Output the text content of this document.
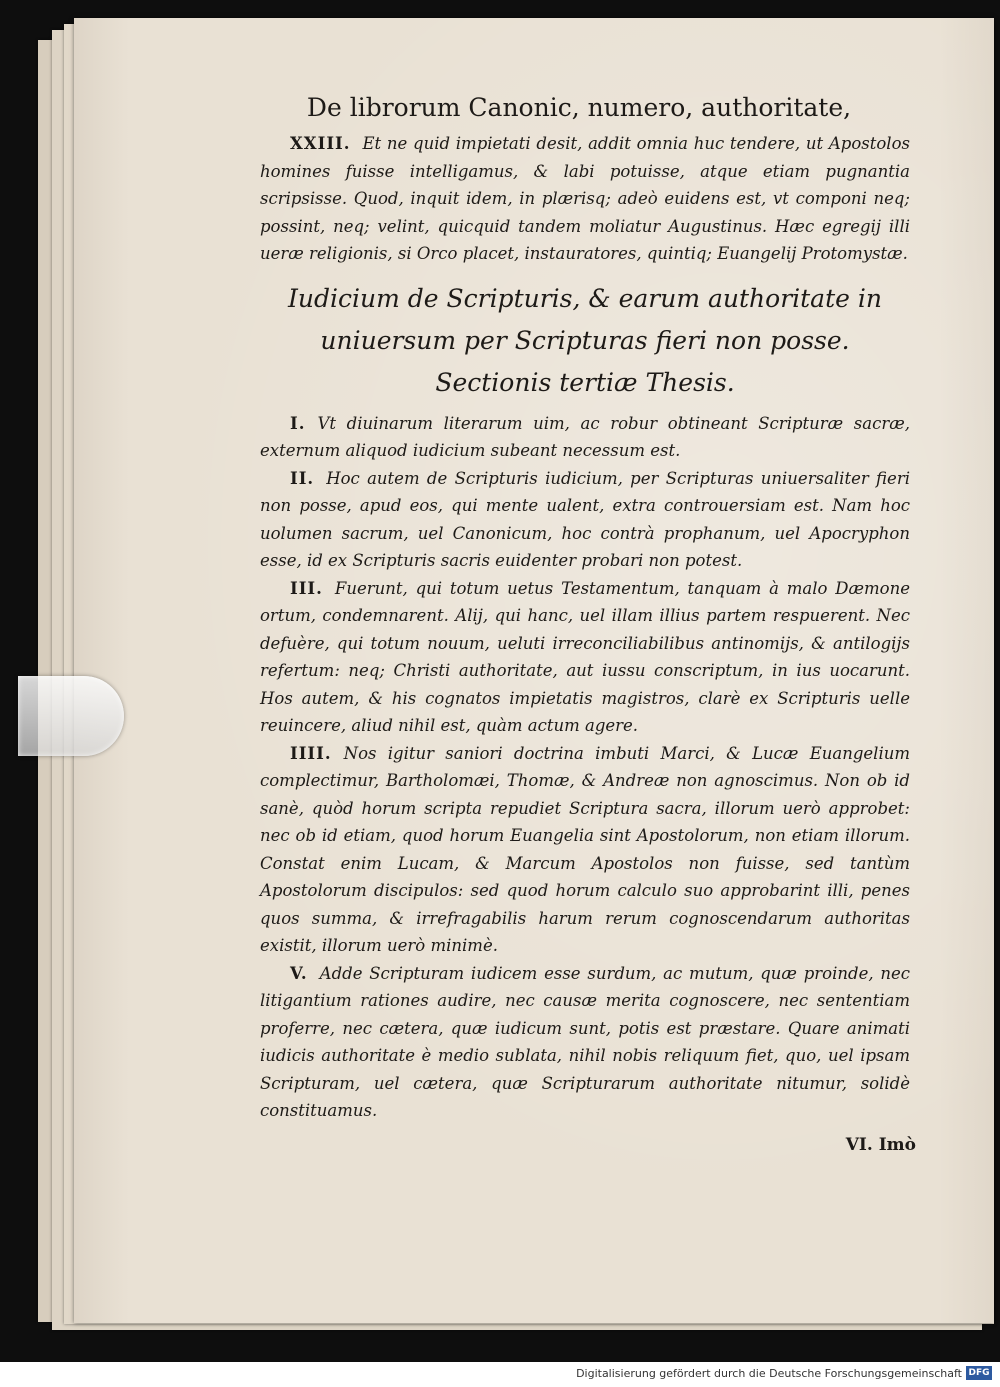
De librorum Canonic, numero, authoritate,

XXIII. Et ne quid impietati desit, addit omnia huc tendere, ut Apostolos homines fuisse intelligamus, & labi potuisse, atque etiam pugnantia scripsisse. Quod, inquit idem, in plærisq; adeò euidens est, vt componi neq; possint, neq; velint, quicquid tandem moliatur Augustinus. Hæc egregij illi ueræ religionis, si Orco placet, instauratores, quintiq; Euangelij Protomystæ.

Iudicium de Scripturis, & earum authoritate in uniuersum per Scripturas fieri non posse. Sectionis tertiæ Thesis.

I. Vt diuinarum literarum uim, ac robur obtineant Scripturæ sacræ, externum aliquod iudicium subeant necessum est.

II. Hoc autem de Scripturis iudicium, per Scripturas uniuersaliter fieri non posse, apud eos, qui mente ualent, extra controuersiam est. Nam hoc uolumen sacrum, uel Canonicum, hoc contrà prophanum, uel Apocryphon esse, id ex Scripturis sacris euidenter probari non potest.

III. Fuerunt, qui totum uetus Testamentum, tanquam à malo Dæmone ortum, condemnarent. Alij, qui hanc, uel illam illius partem respuerent. Nec defuère, qui totum nouum, ueluti irreconciliabilibus antinomijs, & antilogijs refertum: neq; Christi authoritate, aut iussu conscriptum, in ius uocarunt. Hos autem, & his cognatos impietatis magistros, clarè ex Scripturis uelle reuincere, aliud nihil est, quàm actum agere.

IIII. Nos igitur saniori doctrina imbuti Marci, & Lucæ Euangelium complectimur, Bartholomæi, Thomæ, & Andreæ non agnoscimus. Non ob id sanè, quòd horum scripta repudiet Scriptura sacra, illorum uerò approbet: nec ob id etiam, quod horum Euangelia sint Apostolorum, non etiam illorum. Constat enim Lucam, & Marcum Apostolos non fuisse, sed tantùm Apostolorum discipulos: sed quod horum calculo suo approbarint illi, penes quos summa, & irrefragabilis harum rerum cognoscendarum authoritas existit, illorum uerò minimè.

V. Adde Scripturam iudicem esse surdum, ac mutum, quæ proinde, nec litigantium rationes audire, nec causæ merita cognoscere, nec sententiam proferre, nec cætera, quæ iudicum sunt, potis est præstare. Quare animati iudicis authoritate è medio sublata, nihil nobis reliquum fiet, quo, uel ipsam Scripturam, uel cætera, quæ Scripturarum authoritate nitumur, solidè constituamus.

VI. Imò
Digitalisierung gefördert durch die Deutsche Forschungsgemeinschaft DFG
